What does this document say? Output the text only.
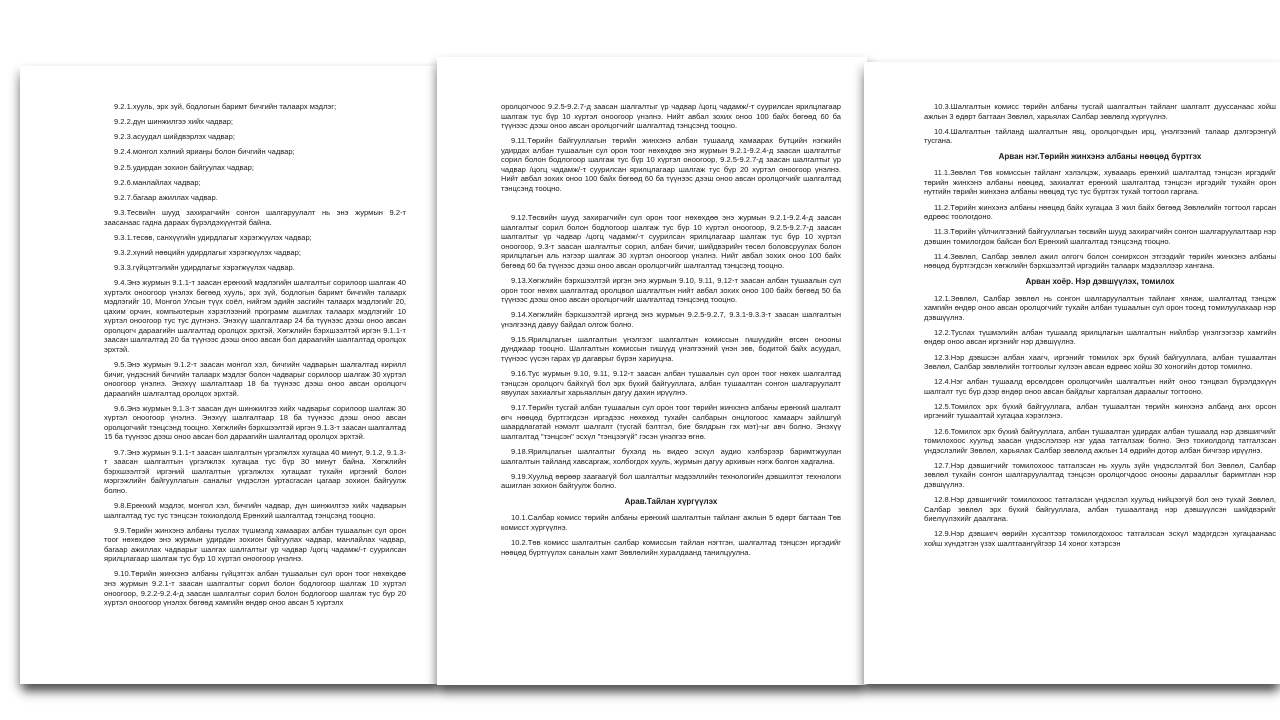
9.2.1.хууль, эрх зүй, бодлогын баримт бичгийн талаарх мэдлэг;

9.2.2.дүн шинжилгээ хийх чадвар;

9.2.3.асуудал шийдвэрлэх чадвар;

9.2.4.монгол хэлний яриаңы болон бичгийн чадвар;

9.2.5.удирдан зохион байгуулах чадвар;

9.2.6.манлайлах чадвар;

9.2.7.багаар ажиллах чадвар.

9.3.Тесвийн шууд захирагчийн сонгон шалгаруулалт нь энэ журмын 9.2-т заасанаас гадна дараах бүрэлдэхүүнтэй байна.

9.3.1.тесөв, санхүүгийн удирдлагыг хэрэгжүүлэх чадвар;

9.3.2.хүний нөөцийн удирдлагыг хэрэгжүүлэх чадвар;

9.3.3.гүйцэтгэлийн удирдлагыг хэрэгжүүлэх чадвар.

9.4.Энэ журмын 9.1.1-т заасан ерөнхий мэдлэгийн шалгалтыг сорилоор шалгаж 40 хүртэлх оноогоор үнэлэх бөгөөд хууль, эрх зүй, бодлогын баримт бичгийн талаарх мэдлэгийг 10, Монгол Улсын түүх соёл, нийгэм эдийн засгийн талаарх мэдлэгийг 20, цахим орчин, компьютерын хэрэглээний программ ашиглах талаарх мэдлэгийг 10 хүртэл оноогоор тус тус дүгнэнэ. Энэхүү шалгалтаар 24 ба түүнээс дээш оноо авсан оролцогч дараагийн шалгалтад оролцох эрхтэй. Хөгжлийн бэрхшээлтэй иргэн 9.1.1-т заасан шалгалтад 20 ба түүнээс дээш оноо авсан бол дараагийн шалгалтад оролцох эрхтэй.

9.5.Энэ журмын 9.1.2-т заасан монгол хэл, бичгийн чадварын шалгалтад кирилл бичиг, үндэсний бичгийн талаарх мэдлэг болон чадварыг сорилоор шалгаж 30 хүртэл оноогоор үнэлнэ. Энэхүү шалгалтаар 18 ба түүнээс дээш оноо авсан оролцогч дараагийн шалгалтад оролцох эрхтэй.

9.6.Энэ журмын 9.1.3-т заасан дүн шинжилгээ хийх чадварыг сорилоор шалгаж 30 хүртэл оноогоор үнэлнэ. Энэхүү шалгалтаар 18 ба түүнээс дээш оноо авсан оролцогчийг тэнцсэнд тооцно. Хөгжлийн бэрхшээлтэй иргэн 9.1.3-т заасан шалгалтад 15 ба түүнээс дээш оноо авсан бол дараагийн шалгалтад оролцох эрхтэй.

9.7.Энэ журмын 9.1.1-т заасан шалгалтын үргэлжлэх хугацаа 40 минут, 9.1.2, 9.1.3-т заасан шалгалтын үргэлжлэх хугацаа тус бүр 30 минут байна. Хөгжлийн бэрхшээлтэй иргэний шалгалтын үргэлжлэх хугацаат тухайн иргэний болон мэргэжлийн байгууллагын саналыг үндэслэн уртасгасан цагаар зохион байгуулж болно.

9.8.Ерөнхий мэдлэг, монгол хэл, бичгийн чадвар, дүн шинжилгээ хийх чадварын шалгалтад тус тус тэнцсэн тохиолдолд Ерөнхий шалгалтад тэнцсэнд тооцно.

9.9.Төрийн жинхэнэ албаны туслах түшмэлд хамаарах албан тушаалын сул орон тоог нөхөхдөө энэ журмын удирдан зохион байгуулах чадвар, манлайлах чадвар, багаар ажиллах чадварыг шалгах шалгалтыг үр чадвар /цогц чадамж/-т суурилсан ярилцлагаар шалгаж тус бүр 10 хүртэл оноогоор үнэлнэ.

9.10.Төрийн жинхэнэ албаны гүйцэтгэх албан тушаалын сул орон тоог нөхөхдөө энэ журмын 9.2.1-т заасан шалгалтыг сорил болон бодлогоор шалгаж 10 хүртэл оноогоор, 9.2.2-9.2.4-д заасан шалгалтыг сорил болон бодлогоор шалгаж тус бүр 20 хүртэл оноогоор үнэлэх бөгөөд хамгийн өндөр оноо авсан 5 хүртэлх

оролцогчоос 9.2.5-9.2.7-д заасан шалгалтыг үр чадвар /цогц чадамж/-т суурилсан ярилцлагаар шалгаж тус бүр 10 хүртэл оноогоор үнэлнэ. Нийт авбал зохих оноо 100 байх бөгөөд 60 ба түүнээс дээш оноо авсан оролцогчийг шалгалтад тэнцсэнд тооцно.

9.11.Төрийн байгууллагын төрийн жинхэнэ албан тушаалд хамаарах бүтцийн нэгжийн удирдах албан тушаалын сул орон тоог нөхөхдөө энэ журмын 9.2.1-9.2.4-д заасан шалгалтыг сорил болон бодлогоор шалгаж тус бүр 10 хүртэл оноогоор, 9.2.5-9.2.7-д заасан шалгалтыг үр чадвар /цогц чадамж/-т суурилсан ярилцлагаар шалгаж тус бүр 20 хүртэл оноогоор үнэлнэ. Нийт авбал зохих оноо 100 байх бөгөөд 60 ба түүнээс дээш оноо авсан оролцогчийг шалгалтад тэнцсэнд тооцно.

9.12.Төсвийн шууд захирагчийн сул орон тоог нөхөхдөө энэ журмын 9.2.1-9.2.4-д заасан шалгалтыг сорил болон бодлогоор шалгаж тус бүр 10 хүртэл оноогоор, 9.2.5-9.2.7-д заасан шалгалтыг үр чадвар /цогц чадамж/-т суурилсан ярилцлагаар шалгаж тус бүр 10 хүртэл оноогоор, 9.3-т заасан шалгалтыг сорил, албан бичиг, шийдвэрийн төсөл боловсруулах болон ярилцлагын аль нэгээр шалгаж 30 хүртэл оноогоор үнэлнэ. Нийт авбал зохих оноо 100 байх бөгөөд 60 ба түүнээс дээш оноо авсан оролцогчийг шалгалтад тэнцсэнд тооцно.

9.13.Хөгжлийн бэрхшээлтэй иргэн энэ журмын 9.10, 9.11, 9.12-т заасан албан тушаалын сул орон тоог нөхөх шалгалтад оролцвол шалгалтын нийт авбал зохих оноо 100 байх бөгөөд 50 ба түүнээс дээш оноо авсан оролцогчийг шалгалтад тэнцсэнд тооцно.

9.14.Хөгжлийн бэрхшээлтэй иргэнд энэ журмын 9.2.5-9.2.7, 9.3.1-9.3.3-т заасан шалгалтын үнэлгээнд давуу байдал олгож болно.

9.15.Ярилцлагын шалгалтын үнэлгээг шалгалтын комиссын гишүүдийн өгсөн онооны дунджаар тооцно. Шалгалтын комиссын гишүүд үнэлгээний үнэн зөв, бодитой байх асуудал, түүнээс үүсэн гарах үр дагаврыг бүрэн хариуцна.

9.16.Тус журмын 9.10, 9.11, 9.12-т заасан албан тушаалын сул орон тоог нөхөх шалгалтад тэнцсэн оролцогч байхгүй бол эрх бүхий байгууллага, албан тушаалтан сонгон шалгаруулалт явуулах захиалгыг харьяаллын дагуу дахин ирүүлнэ.

9.17.Төрийн тусгай албан тушаалын сул орон тоог төрийн жинхэнэ албаны ерөнхий шалгалт өгч нөөцөд бүртгэгдсэн иргэдээс нөхөхөд тухайн салбарын онцлогоос хамаарч зайлшгүй шаардлагатай нэмэлт шалгалт (тусгай бэлтгэл, бие бялдрын гэх мэт)-ыг авч болно. Энэхүү шалгалтад "тэнцсэн" эсхүл "тэнцээгүй" гэсэн үнэлгээ өгнө.

9.18.Ярилцлагын шалгалтыг бүхэлд нь видео эсхүл аудио хэлбэрээр баримтжуулан шалгалтын тайланд хавсаргаж, холбогдох хууль, журмын дагуу архивын нэгж болгон хадгална.

9.19.Хуульд өөрөөр заагаагүй бол шалгалтыг мэдээллийн технологийн дэвшилтэт технологи ашиглан зохион байгуулж болно.

Арав.Тайлан хүргүүлэх

10.1.Салбар комисс төрийн албаны ерөнхий шалгалтын тайланг ажлын 5 өдөрт багтаан Төв комисст хүргүүлнэ.

10.2.Төв комисс шалгалтын салбар комиссын тайлан нэгтгэн, шалгалтад тэнцсэн иргэдийг нөөцөд бүртгүүлэх саналын хамт Зөвлөлийн хуралдаанд танилцуулна.

10.3.Шалгалтын комисс төрийн албаны тусгай шалгалтын тайланг шалгалт дууссанаас хойш ажлын 3 өдөрт багтаан Зөвлөл, харьялах Салбар зөвлөлд хүргүүлнэ.

10.4.Шалгалтын тайланд шалгалтын явц, оролцогчдын ирц, үнэлгээний талаар дэлгэрэнгүй тусгана.

Арван нэг.Төрийн жинхэнэ албаны нөөцөд бүртгэх

11.1.Зөвлөл Төв комиссын тайланг хэлэлцэж, хувааарь ерөнхий шалгалтад тэнцсэн иргэдийг төрийн жинхэнэ албаны нөөцөд, захиалгат ерөнхий шалгалтад тэнцсэн иргэдийг тухайн орон нутгийн төрийн жинхэнэ албаны нөөцөд тус тус бүртгэх тухай тогтоол гаргана.

11.2.Төрийн жинхэнэ албаны нөөцөд байх хугацаа 3 жил байх бөгөөд Зөвлөлийн тогтоол гарсан өдрөөс тоологдоно.

11.3.Төрийн үйлчилгээний байгууллагын төсвийн шууд захирагчийн сонгон шалгаруулалтаар нэр дэвшин томилогдож байсан бол Ерөнхий шалгалтад тэнцсэнд тооцно.

11.4.Зөвлөл, Салбар зөвлөл ажил олгогч болон сонирхсон этгээдийг төрийн жинхэнэ албаны нөөцөд бүртгэгдсэн хөгжлийн бэрхшээлтэй иргэдийн талаарх мэдээллээр хангана.

Арван хоёр. Нэр дэвшүүлэх, томилох

12.1.Зөвлөл, Салбар зөвлөл нь сонгон шалгаруулалтын тайланг хянаж, шалгалтад тэнцэж хамгийн өндөр оноо авсан оролцогчийг тухайн албан тушаалын сул орон тоонд томилуулахаар нэр дэвшүүлнэ.

12.2.Туслах түшмэлийн албан тушаалд ярилцлагын шалгалтын нийлбэр үнэлгээгээр хамгийн өндөр оноо авсан иргэнийг нэр дэвшүүлнэ.

12.3.Нэр дэвшсэн албан хаагч, иргэнийг томилох эрх бүхий байгууллага, албан тушаалтан Зөвлөл, Салбар зөвлөлийн тогтоолыг хүлээн авсан өдрөөс хойш 30 хоногийн дотор томилно.

12.4.Нэг албан тушаалд өрсөлдсөн оролцогчийн шалгалтын нийт оноо тэнцвэл бүрэлдэхүүн шалгалт тус бүр дээр өндөр оноо авсан байдлыг харгалзан дараалыг тогтооно.

12.5.Томилох эрх бүхий байгууллага, албан тушаалтан төрийн жинхэнэ албанд анх орсон иргэнийг тушаалтай хугацаа хэрэглэнэ.

12.6.Томилох эрх бүхий байгууллага, албан тушаалтан удирдах албан тушаалд нэр дэвшигчийг томилохоос хуульд заасан үндэслэлээр нэг удаа татгалзаж болно. Энэ тохиолдолд татгалзсан үндэслэлийг Зөвлөл, харьялах Салбар зөвлөлд ажлын 14 өдрийн дотор албан бичгээр ирүүлнэ.

12.7.Нэр дэвшигчийг томилохоос татгалзсан нь хууль зүйн үндэслэлтэй бол Зөвлөл, Салбар зөвлөл тухайн сонгон шалгаруулалтад тэнцсэн оролцогчдоос онооны дарааллыг баримтлан нэр дэвшүүлнэ.

12.8.Нэр дэвшигчийг томилохоос татгалзсан үндэслэл хуульд нийцээгүй бол энэ тухай Зөвлөл, Салбар зөвлөл эрх бүхий байгууллага, албан тушаалтанд нэр дэвшүүлсэн шийдвэрийг биелүүлэхийг даалгана.

12.9.Нэр дэвшигч өөрийн хүсэлтээр томилогдохоос татгалзсан эсхүл мэдэгдсэн хугацаанаас хойш хүндэтгэн үзэх шалтгаангүйгээр 14 хоног хэтэрсэн
